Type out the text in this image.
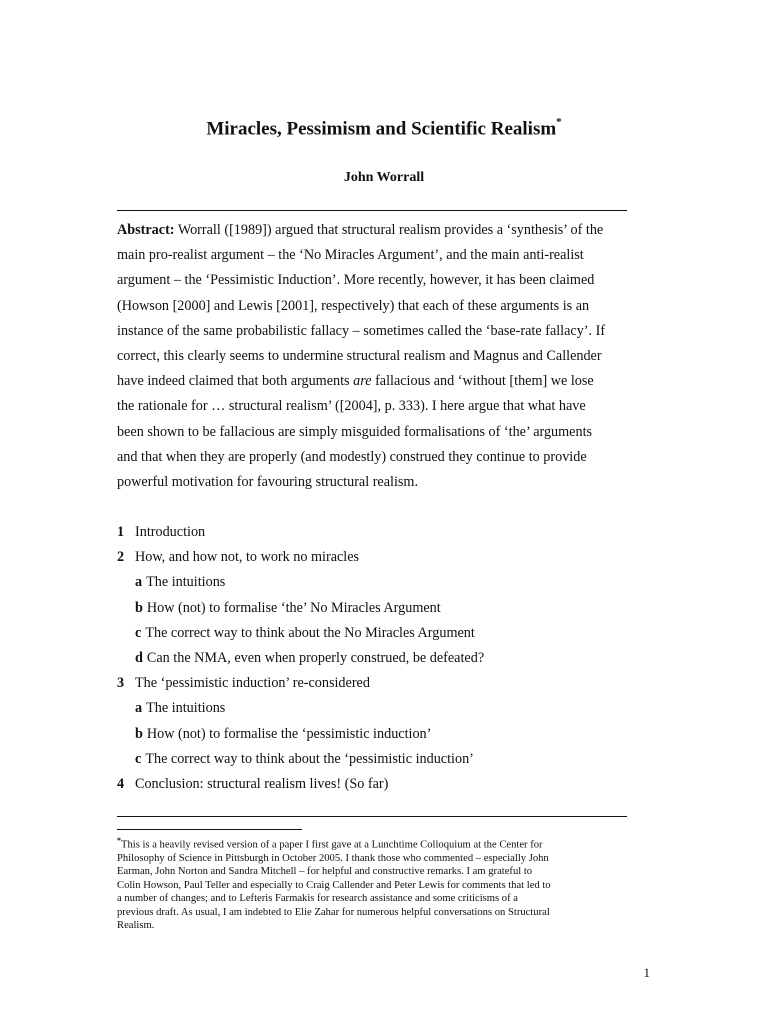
Miracles, Pessimism and Scientific Realism*
John Worrall
Abstract: Worrall ([1989]) argued that structural realism provides a ‘synthesis’ of the
main pro-realist argument – the ‘No Miracles Argument’, and the main anti-realist
argument – the ‘Pessimistic Induction’. More recently, however, it has been claimed
(Howson [2000] and Lewis [2001], respectively) that each of these arguments is an
instance of the same probabilistic fallacy – sometimes called the ‘base-rate fallacy’. If
correct, this clearly seems to undermine structural realism and Magnus and Callender
have indeed claimed that both arguments are fallacious and ‘without [them] we lose
the rationale for … structural realism’ ([2004], p. 333). I here argue that what have
been shown to be fallacious are simply misguided formalisations of ‘the’ arguments
and that when they are properly (and modestly) construed they continue to provide
powerful motivation for favouring structural realism.
1 Introduction
2 How, and how not, to work no miracles
a The intuitions
b How (not) to formalise ‘the’ No Miracles Argument
c The correct way to think about the No Miracles Argument
d Can the NMA, even when properly construed, be defeated?
3 The ‘pessimistic induction’ re-considered
a The intuitions
b How (not) to formalise the ‘pessimistic induction’
c The correct way to think about the ‘pessimistic induction’
4 Conclusion: structural realism lives! (So far)
*This is a heavily revised version of a paper I first gave at a Lunchtime Colloquium at the Center for
Philosophy of Science in Pittsburgh in October 2005. I thank those who commented – especially John
Earman, John Norton and Sandra Mitchell – for helpful and constructive remarks. I am grateful to
Colin Howson, Paul Teller and especially to Craig Callender and Peter Lewis for comments that led to
a number of changes; and to Lefteris Farmakis for research assistance and some criticisms of a
previous draft. As usual, I am indebted to Elie Zahar for numerous helpful conversations on Structural
Realism.
1
